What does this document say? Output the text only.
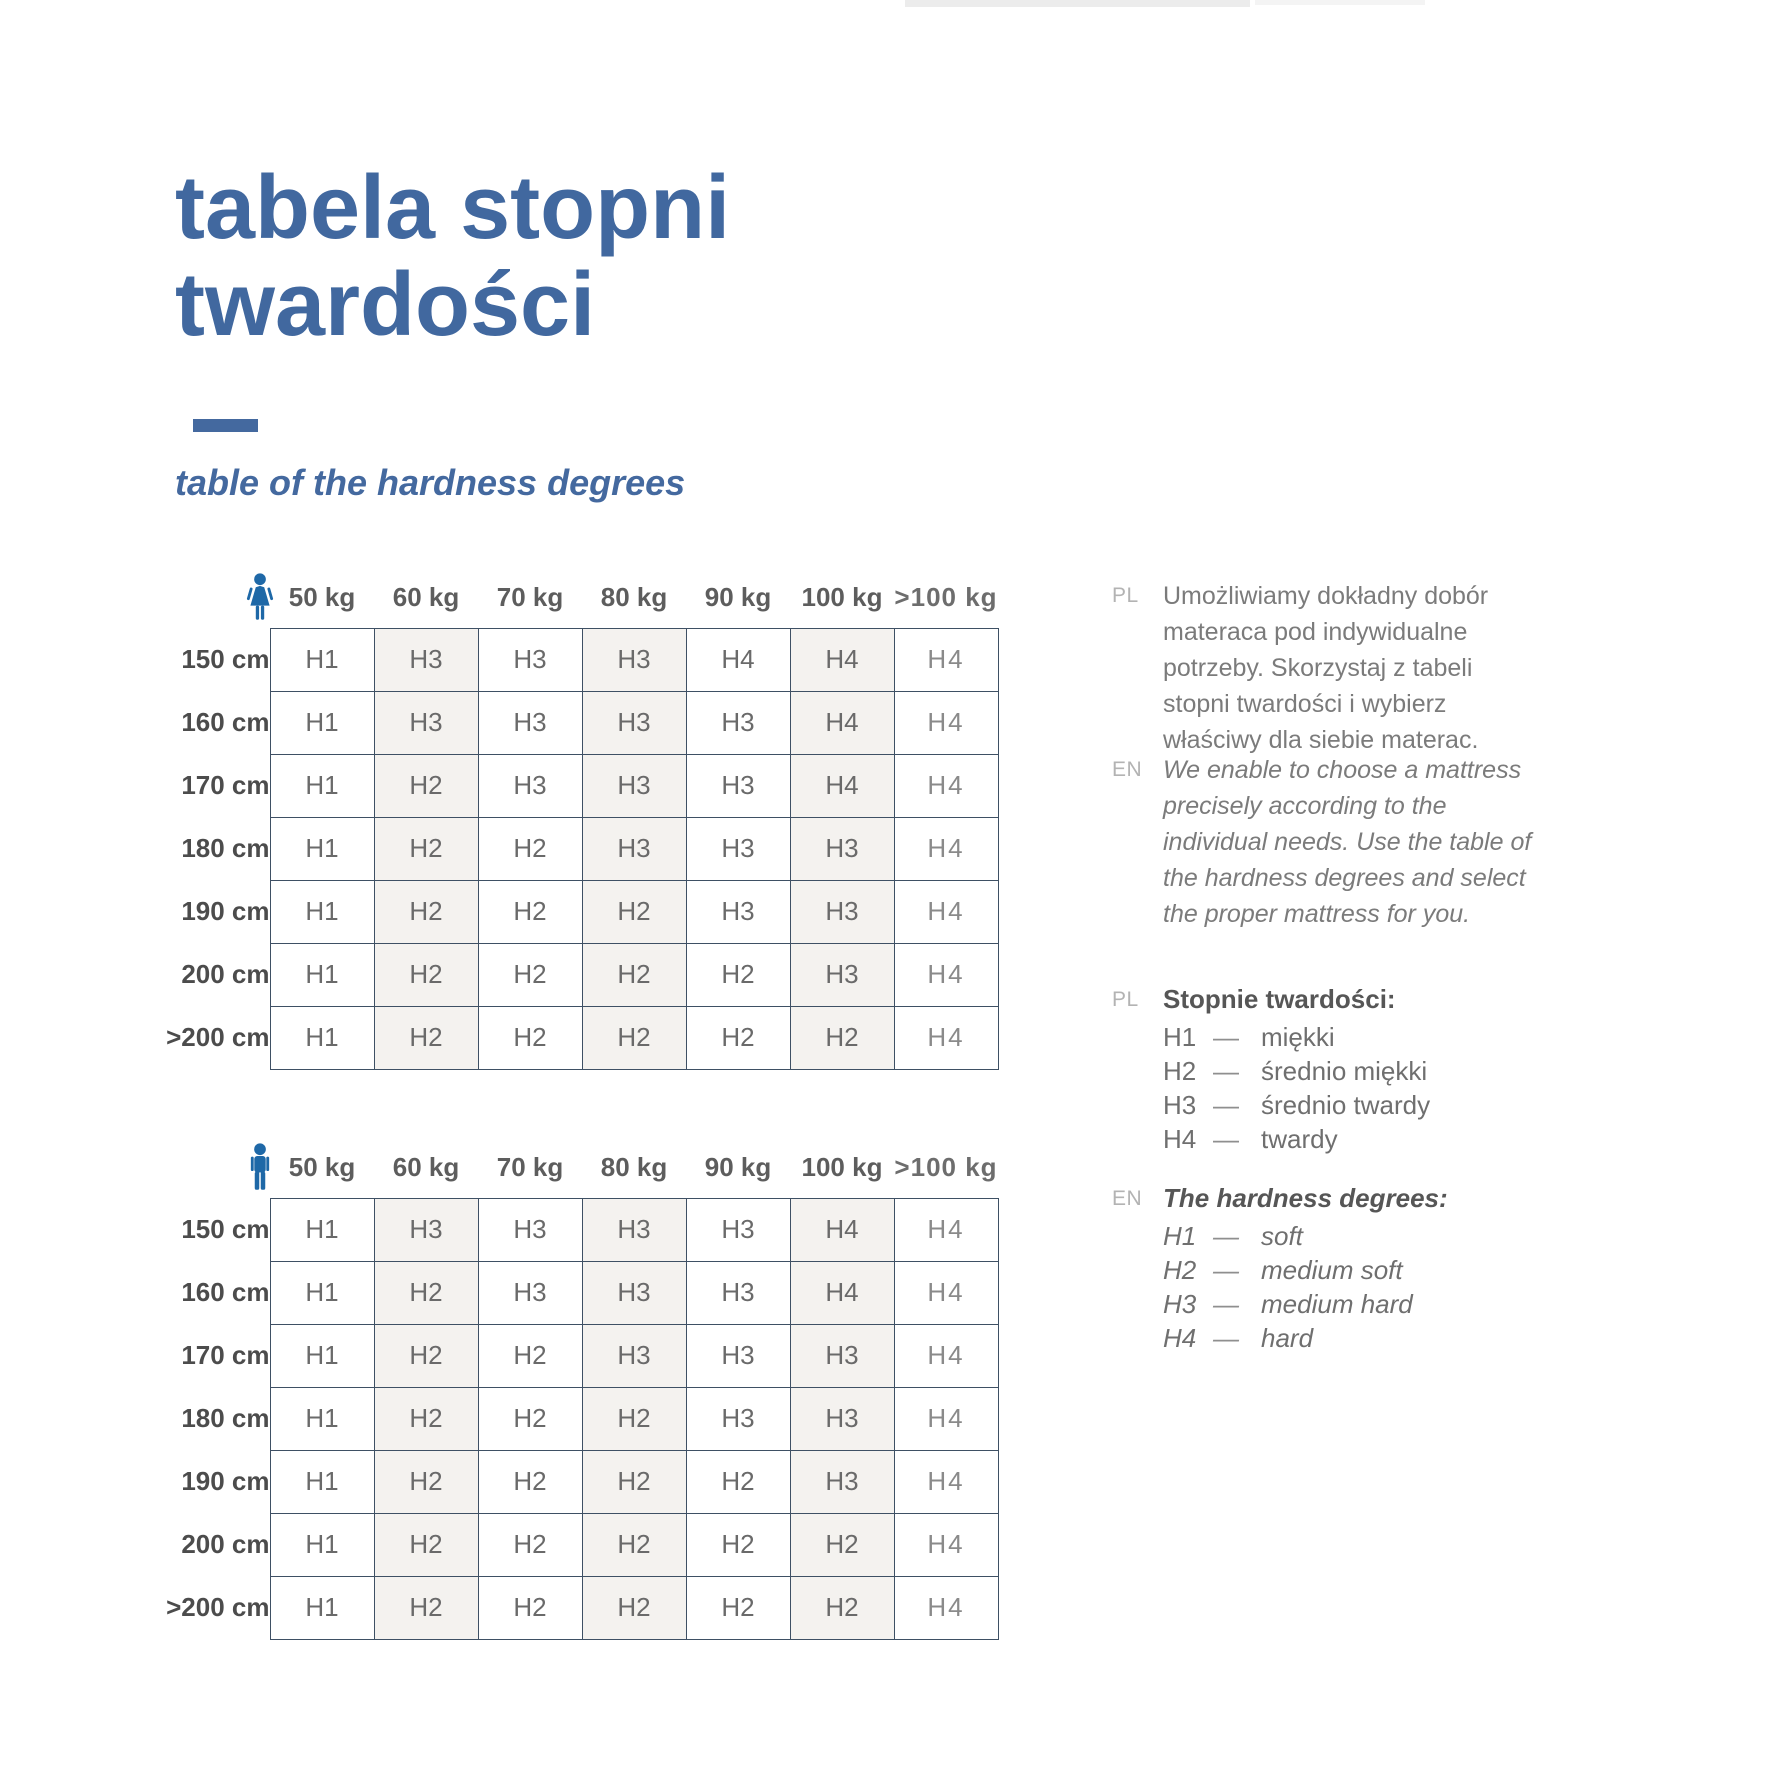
tabela stopni
twardości
table of the hardness degrees
	50 kg	60 kg	70 kg	80 kg	90 kg	100 kg	>100 kg
150 cm	H1	H3	H3	H3	H4	H4	H4
160 cm	H1	H3	H3	H3	H3	H4	H4
170 cm	H1	H2	H3	H3	H3	H4	H4
180 cm	H1	H2	H2	H3	H3	H3	H4
190 cm	H1	H2	H2	H2	H3	H3	H4
200 cm	H1	H2	H2	H2	H2	H3	H4
>200 cm	H1	H2	H2	H2	H2	H2	H4
	50 kg	60 kg	70 kg	80 kg	90 kg	100 kg	>100 kg
150 cm	H1	H3	H3	H3	H3	H4	H4
160 cm	H1	H2	H3	H3	H3	H4	H4
170 cm	H1	H2	H2	H3	H3	H3	H4
180 cm	H1	H2	H2	H2	H3	H3	H4
190 cm	H1	H2	H2	H2	H2	H3	H4
200 cm	H1	H2	H2	H2	H2	H2	H4
>200 cm	H1	H2	H2	H2	H2	H2	H4
PL Umożliwiamy dokładny dobór materaca pod indywidualne potrzeby. Skorzystaj z tabeli stopni twardości i wybierz właściwy dla siebie materac.
EN We enable to choose a mattress precisely according to the individual needs. Use the table of the hardness degrees and select the proper mattress for you.
PL Stopnie twardości:
H1 — miękki
H2 — średnio miękki
H3 — średnio twardy
H4 — twardy
EN The hardness degrees:
H1 — soft
H2 — medium soft
H3 — medium hard
H4 — hard
